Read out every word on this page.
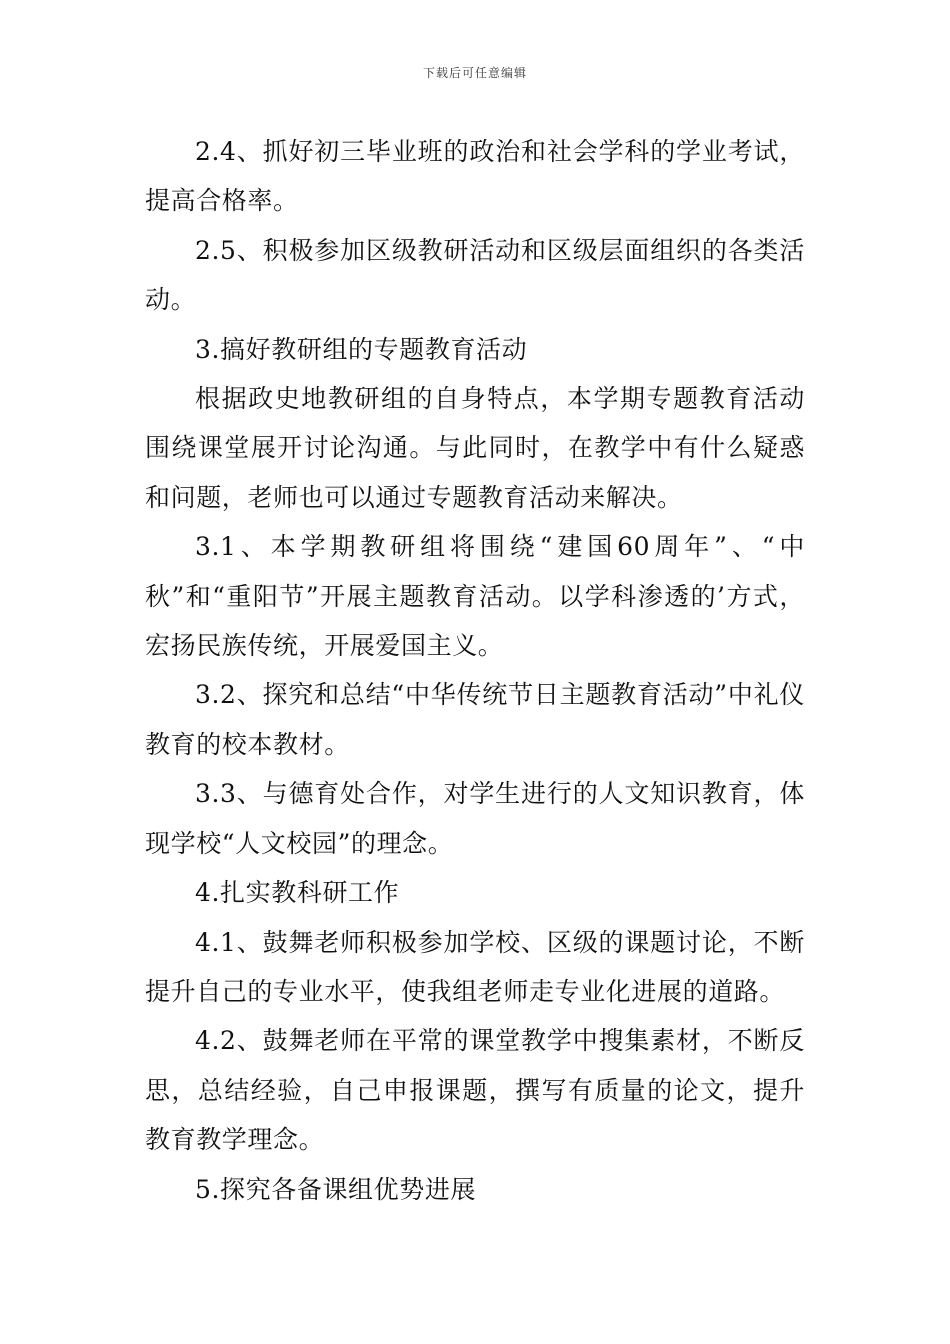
下载后可任意编辑

2.4、抓好初三毕业班的政治和社会学科的学业考试，提高合格率。

2.5、积极参加区级教研活动和区级层面组织的各类活动。

3.搞好教研组的专题教育活动

根据政史地教研组的自身特点，本学期专题教育活动围绕课堂展开讨论沟通。与此同时，在教学中有什么疑惑和问题，老师也可以通过专题教育活动来解决。

3.1、本学期教研组将围绕“建国60周年”、“中秋”和“重阳节”开展主题教育活动。以学科渗透的’方式，宏扬民族传统，开展爱国主义。

3.2、探究和总结“中华传统节日主题教育活动”中礼仪教育的校本教材。

3.3、与德育处合作，对学生进行的人文知识教育，体现学校“人文校园”的理念。

4.扎实教科研工作

4.1、鼓舞老师积极参加学校、区级的课题讨论，不断提升自己的专业水平，使我组老师走专业化进展的道路。

4.2、鼓舞老师在平常的课堂教学中搜集素材，不断反思，总结经验，自己申报课题，撰写有质量的论文，提升教育教学理念。

5.探究各备课组优势进展
